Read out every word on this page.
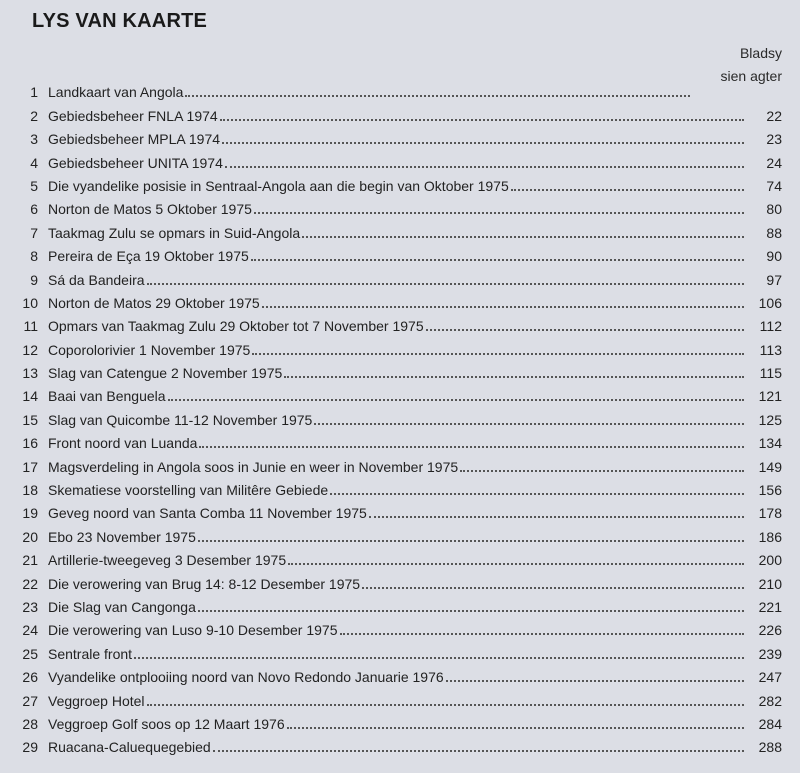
LYS VAN KAARTE
Bladsy
sien agter
1 Landkaart van Angola
2 Gebiedsbeheer FNLA 1974	22
3 Gebiedsbeheer MPLA 1974	23
4 Gebiedsbeheer UNITA 1974	24
5 Die vyandelike posisie in Sentraal-Angola aan die begin van Oktober 1975	74
6 Norton de Matos 5 Oktober 1975	80
7 Taakmag Zulu se opmars in Suid-Angola	88
8 Pereira de Eça 19 Oktober 1975	90
9 Sá da Bandeira	97
10 Norton de Matos 29 Oktober 1975	106
11 Opmars van Taakmag Zulu 29 Oktober tot 7 November 1975	112
12 Coporolorivier 1 November 1975	113
13 Slag van Catengue 2 November 1975	115
14 Baai van Benguela	121
15 Slag van Quicombe 11-12 November 1975	125
16 Front noord van Luanda	134
17 Magsverdeling in Angola soos in Junie en weer in November 1975	149
18 Skematiese voorstelling van Militêre Gebiede	156
19 Geveg noord van Santa Comba 11 November 1975	178
20 Ebo 23 November 1975	186
21 Artillerie-tweegeveg 3 Desember 1975	200
22 Die verowering van Brug 14: 8-12 Desember 1975	210
23 Die Slag van Cangonga	221
24 Die verowering van Luso 9-10 Desember 1975	226
25 Sentrale front	239
26 Vyandelike ontplooiing noord van Novo Redondo Januarie 1976	247
27 Veggroep Hotel	282
28 Veggroep Golf soos op 12 Maart 1976	284
29 Ruacana-Caluequegebied	288
